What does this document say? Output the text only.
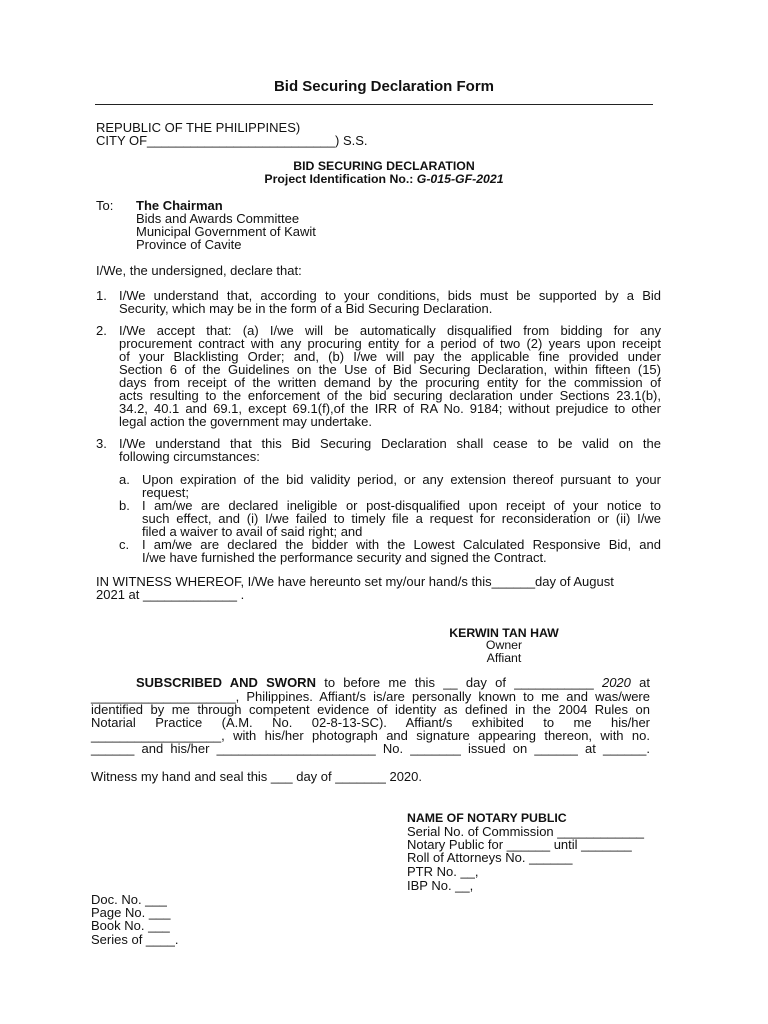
Bid Securing Declaration Form
REPUBLIC OF THE PHILIPPINES)
CITY OF__________________________) S.S.
BID SECURING DECLARATION
Project Identification No.: G-015-GF-2021
To: The Chairman
Bids and Awards Committee
Municipal Government of Kawit
Province of Cavite
I/We, the undersigned, declare that:
1. I/We understand that, according to your conditions, bids must be supported by a Bid
Security, which may be in the form of a Bid Securing Declaration.
2. I/We accept that: (a) I/we will be automatically disqualified from bidding for any
procurement contract with any procuring entity for a period of two (2) years upon receipt
of your Blacklisting Order; and, (b) I/we will pay the applicable fine provided under
Section 6 of the Guidelines on the Use of Bid Securing Declaration, within fifteen (15)
days from receipt of the written demand by the procuring entity for the commission of
acts resulting to the enforcement of the bid securing declaration under Sections 23.1(b),
34.2, 40.1 and 69.1, except 69.1(f),of the IRR of RA No. 9184; without prejudice to other
legal action the government may undertake.
3. I/We understand that this Bid Securing Declaration shall cease to be valid on the
following circumstances:
a. Upon expiration of the bid validity period, or any extension thereof pursuant to your
request;
b. I am/we are declared ineligible or post-disqualified upon receipt of your notice to
such effect, and (i) I/we failed to timely file a request for reconsideration or (ii) I/we
filed a waiver to avail of said right; and
c. I am/we are declared the bidder with the Lowest Calculated Responsive Bid, and
I/we have furnished the performance security and signed the Contract.
IN WITNESS WHEREOF, I/We have hereunto set my/our hand/s this______day of August
2021 at _____________ .
KERWIN TAN HAW
Owner
Affiant
SUBSCRIBED AND SWORN to before me this __ day of ___________ 2020 at
____________________, Philippines. Affiant/s is/are personally known to me and was/were
identified by me through competent evidence of identity as defined in the 2004 Rules on
Notarial Practice (A.M. No. 02-8-13-SC). Affiant/s exhibited to me his/her
__________________, with his/her photograph and signature appearing thereon, with no.
______ and his/her ______________________ No. _______ issued on ______ at ______.
Witness my hand and seal this ___ day of _______ 2020.
NAME OF NOTARY PUBLIC
Serial No. of Commission ____________
Notary Public for ______ until _______
Roll of Attorneys No. ______
PTR No. __,
IBP No. __,
Doc. No. ___
Page No. ___
Book No. ___
Series of ____.
